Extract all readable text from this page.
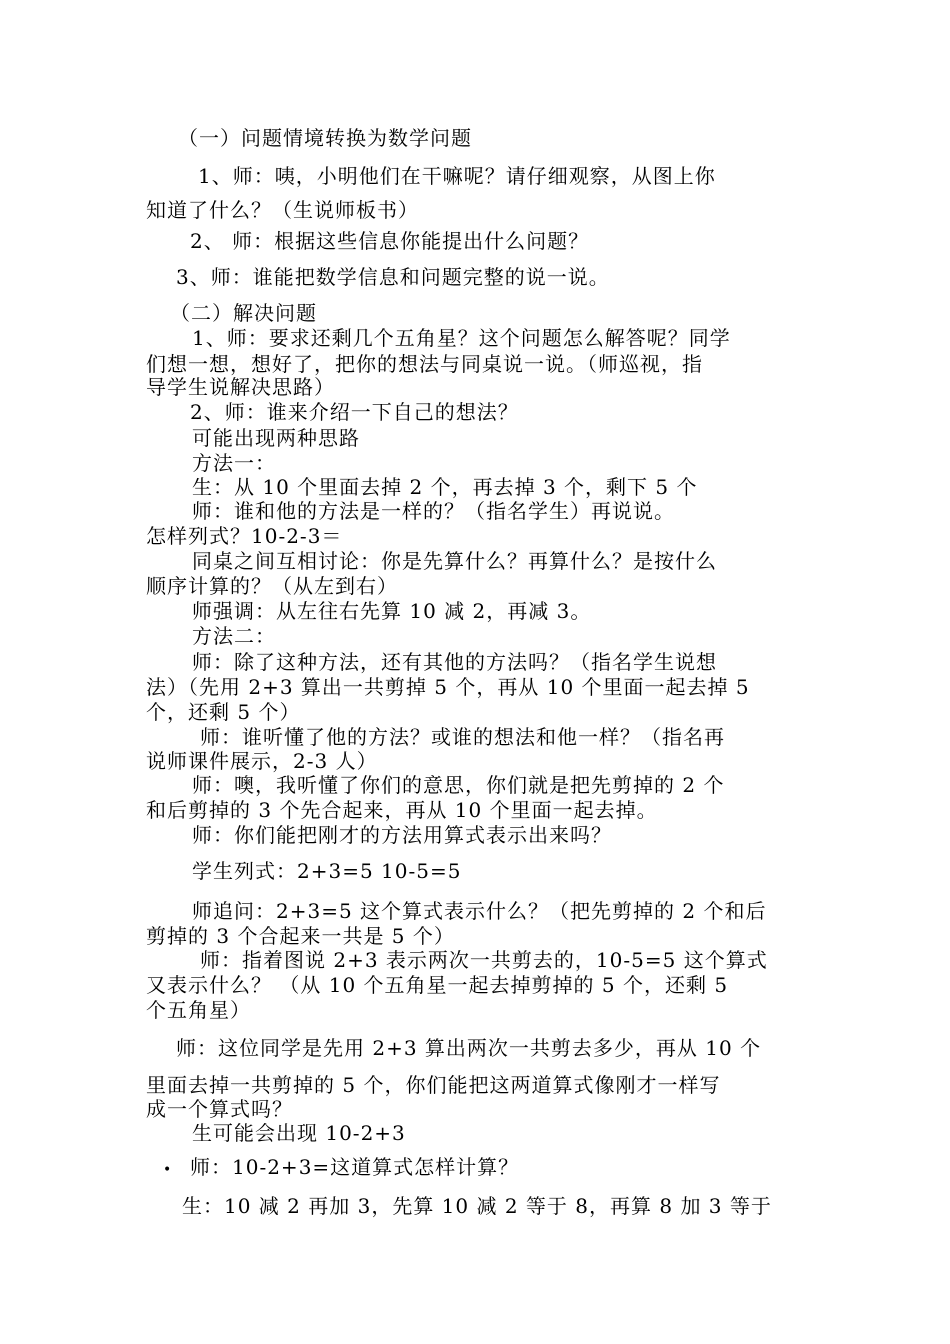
（一）问题情境转换为数学问题
1、师：咦，小明他们在干嘛呢？请仔细观察，从图上你
知道了什么？（生说师板书）
2、 师：根据这些信息你能提出什么问题？
3、师：谁能把数学信息和问题完整的说一说。
（二）解决问题
1、师：要求还剩几个五角星？这个问题怎么解答呢？同学
们想一想，想好了，把你的想法与同桌说一说。（师巡视，指
导学生说解决思路）
2、师：谁来介绍一下自己的想法？
可能出现两种思路
方法一：
生：从 10 个里面去掉 2 个，再去掉 3 个，剩下 5 个
师：谁和他的方法是一样的？（指名学生）再说说。
怎样列式？10-2-3＝
同桌之间互相讨论：你是先算什么？再算什么？是按什么
顺序计算的？（从左到右）
师强调：从左往右先算 10 减 2，再减 3。
方法二：
师：除了这种方法，还有其他的方法吗？（指名学生说想
法）（先用 2+3 算出一共剪掉 5 个，再从 10 个里面一起去掉 5
个，还剩 5 个）
师：谁听懂了他的方法？或谁的想法和他一样？（指名再
说师课件展示，2-3 人）
师：噢，我听懂了你们的意思，你们就是把先剪掉的 2 个
和后剪掉的 3 个先合起来，再从 10 个里面一起去掉。
师：你们能把刚才的方法用算式表示出来吗？
学生列式：2+3=5 10-5=5
师追问：2+3=5 这个算式表示什么？（把先剪掉的 2 个和后
剪掉的 3 个合起来一共是 5 个）
师：指着图说 2+3 表示两次一共剪去的，10-5=5 这个算式
又表示什么？ （从 10 个五角星一起去掉剪掉的 5 个，还剩 5
个五角星）
师：这位同学是先用 2+3 算出两次一共剪去多少，再从 10 个
里面去掉一共剪掉的 5 个，你们能把这两道算式像刚才一样写
成一个算式吗？
生可能会出现 10-2+3
• 师：10-2+3=这道算式怎样计算？
生：10 减 2 再加 3，先算 10 减 2 等于 8，再算 8 加 3 等于
